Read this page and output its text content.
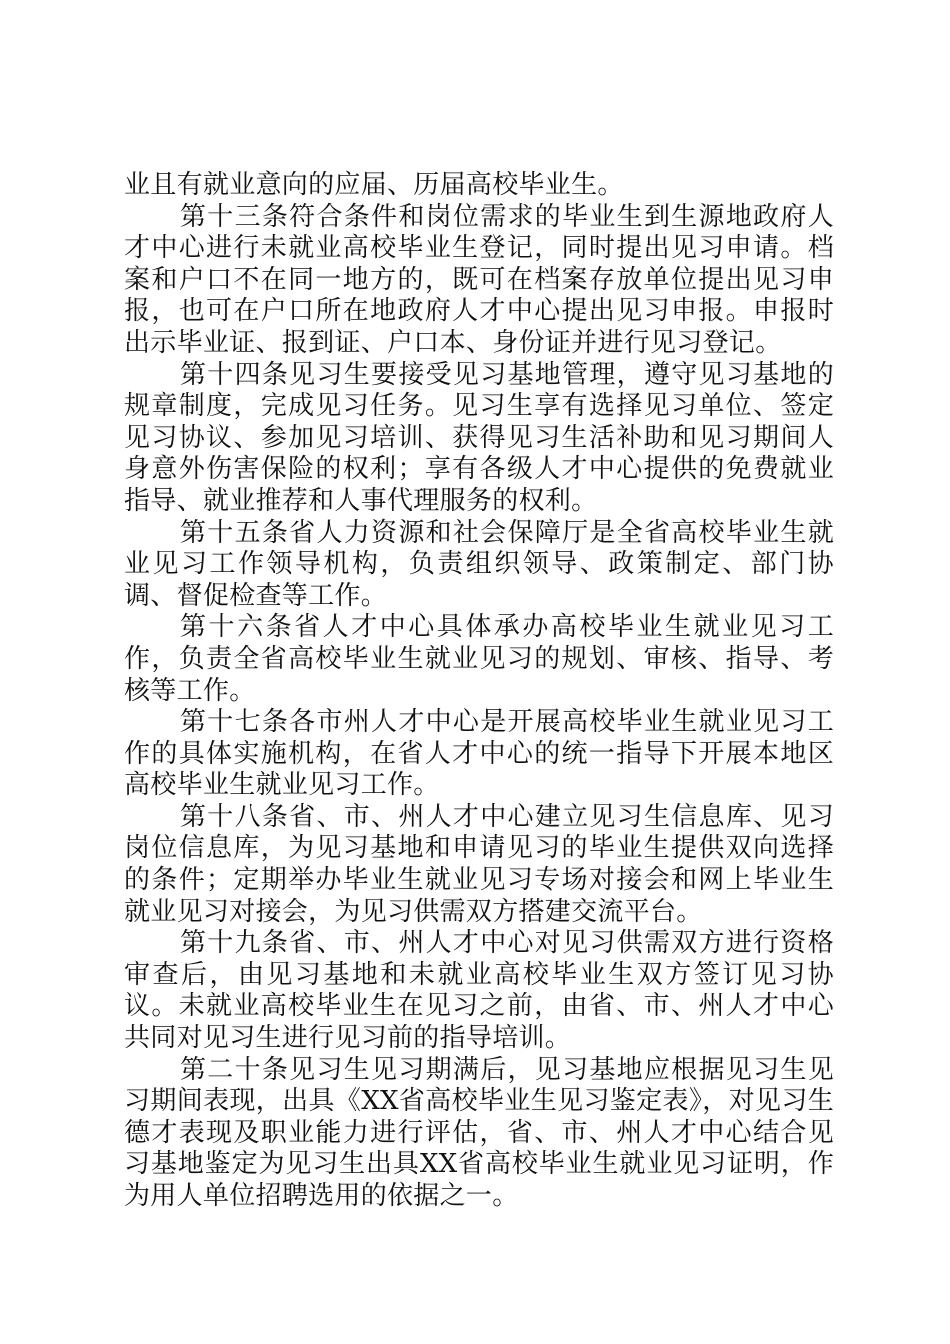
业且有就业意向的应届、历届高校毕业生。

第十三条符合条件和岗位需求的毕业生到生源地政府人才中心进行未就业高校毕业生登记，同时提出见习申请。档案和户口不在同一地方的，既可在档案存放单位提出见习申报，也可在户口所在地政府人才中心提出见习申报。申报时出示毕业证、报到证、户口本、身份证并进行见习登记。

第十四条见习生要接受见习基地管理，遵守见习基地的规章制度，完成见习任务。见习生享有选择见习单位、签定见习协议、参加见习培训、获得见习生活补助和见习期间人身意外伤害保险的权利；享有各级人才中心提供的免费就业指导、就业推荐和人事代理服务的权利。

第十五条省人力资源和社会保障厅是全省高校毕业生就业见习工作领导机构，负责组织领导、政策制定、部门协调、督促检查等工作。

第十六条省人才中心具体承办高校毕业生就业见习工作，负责全省高校毕业生就业见习的规划、审核、指导、考核等工作。

第十七条各市州人才中心是开展高校毕业生就业见习工作的具体实施机构，在省人才中心的统一指导下开展本地区高校毕业生就业见习工作。

第十八条省、市、州人才中心建立见习生信息库、见习岗位信息库，为见习基地和申请见习的毕业生提供双向选择的条件；定期举办毕业生就业见习专场对接会和网上毕业生就业见习对接会，为见习供需双方搭建交流平台。

第十九条省、市、州人才中心对见习供需双方进行资格审查后，由见习基地和未就业高校毕业生双方签订见习协议。未就业高校毕业生在见习之前，由省、市、州人才中心共同对见习生进行见习前的指导培训。

第二十条见习生见习期满后，见习基地应根据见习生见习期间表现，出具《XX省高校毕业生见习鉴定表》，对见习生德才表现及职业能力进行评估，省、市、州人才中心结合见习基地鉴定为见习生出具XX省高校毕业生就业见习证明，作为用人单位招聘选用的依据之一。
